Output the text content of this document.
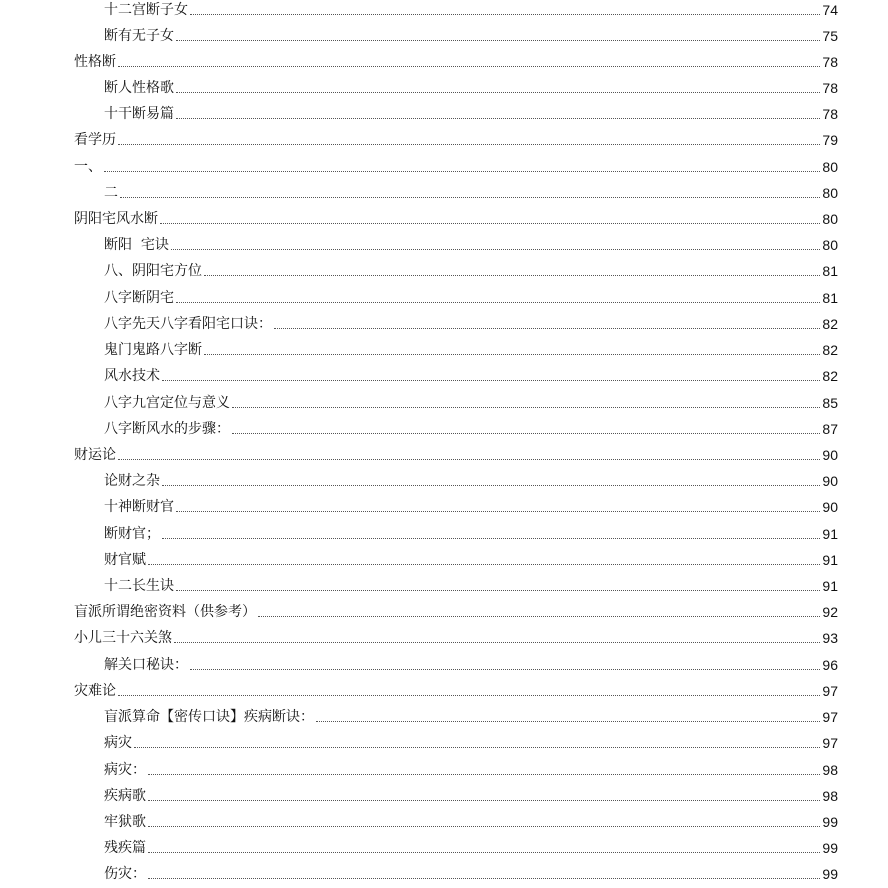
十二宫断子女	74
断有无子女	75
性格断	78
断人性格歌	78
十干断易篇	78
看学历	79
一、	80
二	80
阴阳宅风水断	80
断阳  宅诀	80
八、阴阳宅方位	81
八字断阴宅	81
八字先天八字看阳宅口诀：	82
鬼门鬼路八字断	82
风水技术	82
八字九宫定位与意义	85
八字断风水的步骤：	87
财运论	90
论财之杂	90
十神断财官	90
断财官；	91
财官赋	91
十二长生诀	91
盲派所谓绝密资料（供参考）	92
小儿三十六关煞	93
解关口秘诀：	96
灾难论	97
盲派算命【密传口诀】疾病断诀：	97
病灾	97
病灾：	98
疾病歌	98
牢狱歌	99
残疾篇	99
伤灾：	99
